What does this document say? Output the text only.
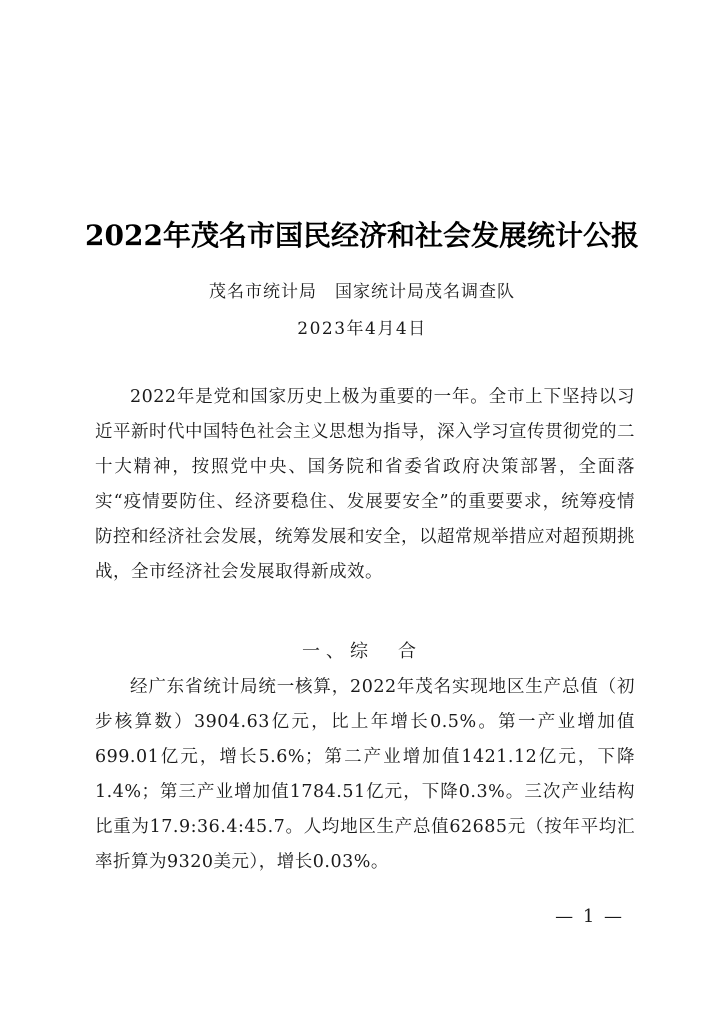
2022年茂名市国民经济和社会发展统计公报
茂名市统计局　国家统计局茂名调查队
2023年4月4日
2022年是党和国家历史上极为重要的一年。全市上下坚持以习近平新时代中国特色社会主义思想为指导，深入学习宣传贯彻党的二十大精神，按照党中央、国务院和省委省政府决策部署，全面落实“疫情要防住、经济要稳住、发展要安全”的重要要求，统筹疫情防控和经济社会发展，统筹发展和安全，以超常规举措应对超预期挑战，全市经济社会发展取得新成效。
一、综　合
经广东省统计局统一核算，2022年茂名实现地区生产总值（初步核算数）3904.63亿元，比上年增长0.5%。第一产业增加值699.01亿元，增长5.6%；第二产业增加值1421.12亿元，下降1.4%；第三产业增加值1784.51亿元，下降0.3%。三次产业结构比重为17.9:36.4:45.7。人均地区生产总值62685元（按年平均汇率折算为9320美元），增长0.03%。
— 1 —
